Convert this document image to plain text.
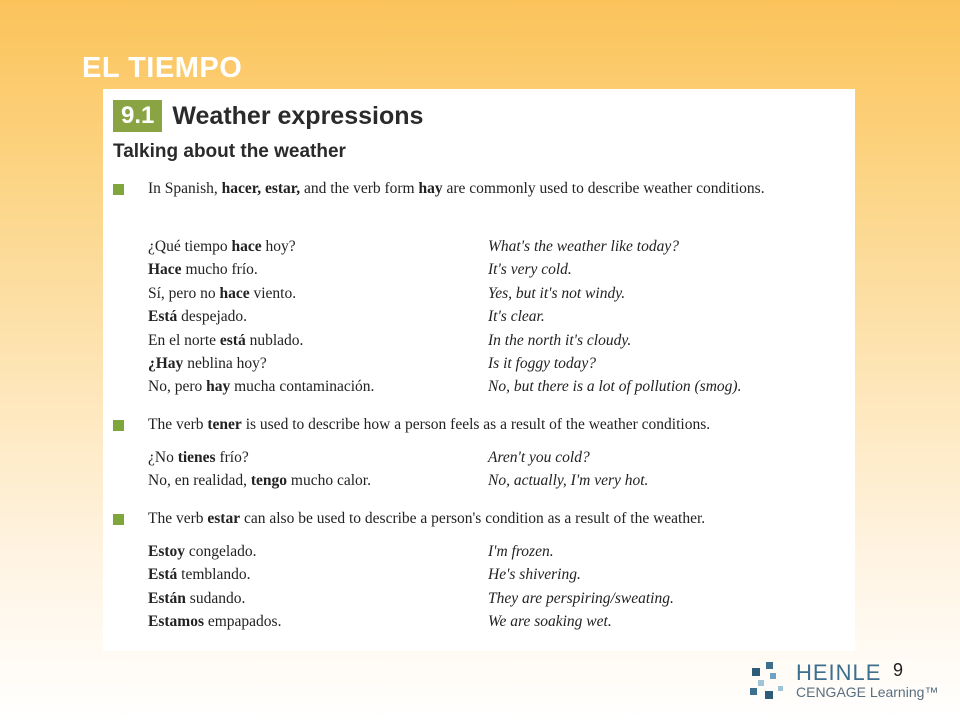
EL TIEMPO
9.1 Weather expressions
Talking about the weather
In Spanish, hacer, estar, and the verb form hay are commonly used to describe weather conditions.
¿Qué tiempo hace hoy?	What's the weather like today?
Hace mucho frío.	It's very cold.
Sí, pero no hace viento.	Yes, but it's not windy.
Está despejado.	It's clear.
En el norte está nublado.	In the north it's cloudy.
¿Hay neblina hoy?	Is it foggy today?
No, pero hay mucha contaminación.	No, but there is a lot of pollution (smog).
The verb tener is used to describe how a person feels as a result of the weather conditions.
¿No tienes frío?	Aren't you cold?
No, en realidad, tengo mucho calor.	No, actually, I'm very hot.
The verb estar can also be used to describe a person's condition as a result of the weather.
Estoy congelado.	I'm frozen.
Está temblando.	He's shivering.
Están sudando.	They are perspiring/sweating.
Estamos empapados.	We are soaking wet.
9
HEINLE
CENGAGE Learning™
